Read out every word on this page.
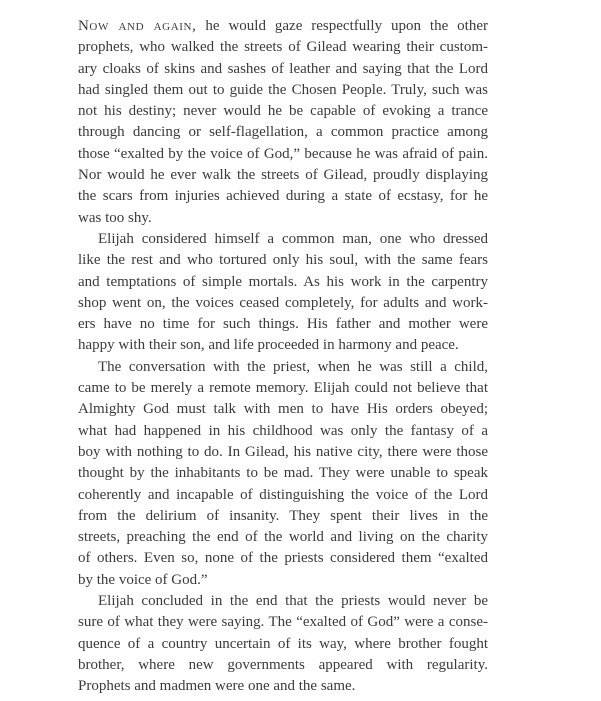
Now and again, he would gaze respectfully upon the other
prophets, who walked the streets of Gilead wearing their custom-
ary cloaks of skins and sashes of leather and saying that the Lord
had singled them out to guide the Chosen People. Truly, such was
not his destiny; never would he be capable of evoking a trance
through dancing or self-flagellation, a common practice among
those “exalted by the voice of God,” because he was afraid of pain.
Nor would he ever walk the streets of Gilead, proudly displaying
the scars from injuries achieved during a state of ecstasy, for he
was too shy.
Elijah considered himself a common man, one who dressed
like the rest and who tortured only his soul, with the same fears
and temptations of simple mortals. As his work in the carpentry
shop went on, the voices ceased completely, for adults and work-
ers have no time for such things. His father and mother were
happy with their son, and life proceeded in harmony and peace.
The conversation with the priest, when he was still a child,
came to be merely a remote memory. Elijah could not believe that
Almighty God must talk with men to have His orders obeyed;
what had happened in his childhood was only the fantasy of a
boy with nothing to do. In Gilead, his native city, there were those
thought by the inhabitants to be mad. They were unable to speak
coherently and incapable of distinguishing the voice of the Lord
from the delirium of insanity. They spent their lives in the
streets, preaching the end of the world and living on the charity
of others. Even so, none of the priests considered them “exalted
by the voice of God.”
Elijah concluded in the end that the priests would never be
sure of what they were saying. The “exalted of God” were a conse-
quence of a country uncertain of its way, where brother fought
brother, where new governments appeared with regularity.
Prophets and madmen were one and the same.
